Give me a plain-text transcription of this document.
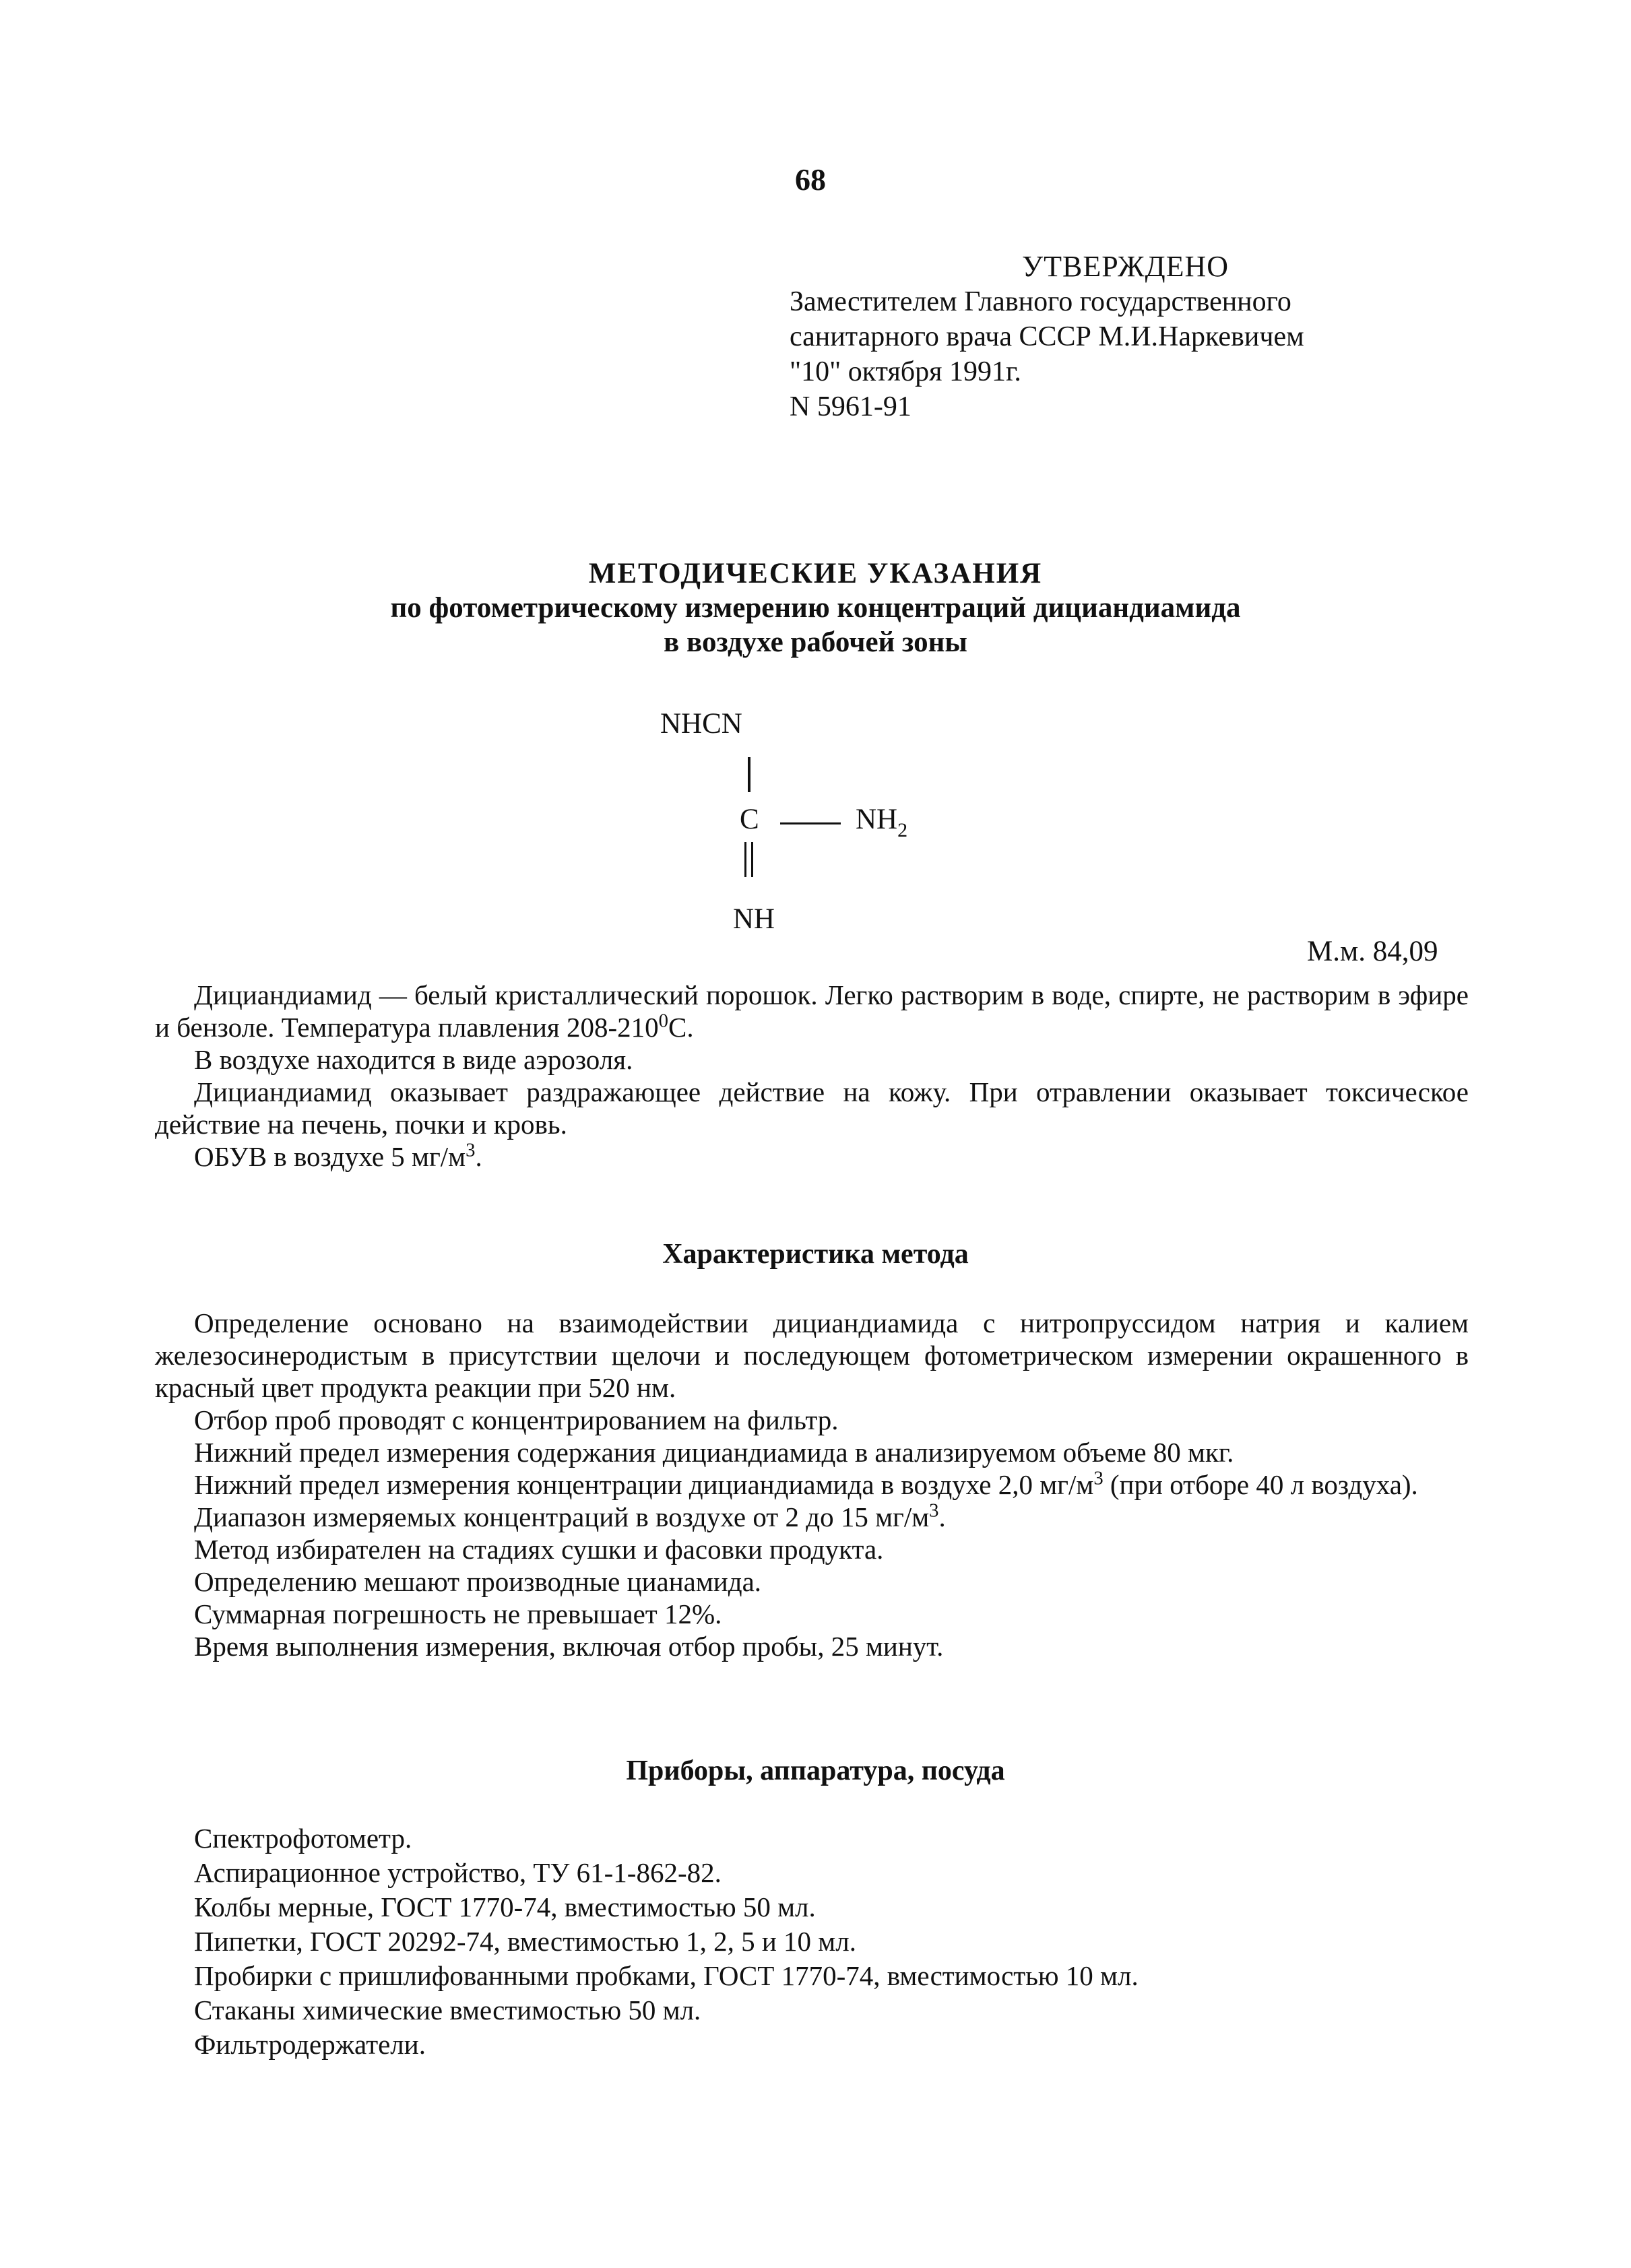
68
УТВЕРЖДЕНО
Заместителем Главного государственного
санитарного врача СССР М.И.Наркевичем
"10" октября 1991г.
N 5961-91
МЕТОДИЧЕСКИЕ УКАЗАНИЯ
по фотометрическому измерению концентраций дициандиамида
в воздухе рабочей зоны
NHCN
C	$NH_2$
NH
М.м. 84,09

Дициандиамид — белый кристаллический порошок. Легко растворим в воде, спирте, не растворим в эфире и бензоле. Температура плавления $208-210^0С$.

В воздухе находится в виде аэрозоля.

Дициандиамид оказывает раздражающее действие на кожу. При отравлении оказывает токсическое действие на печень, почки и кровь.

ОБУВ в воздухе 5 $мг/м^3$.

Характеристика метода

Определение основано на взаимодействии дициандиамида с нитропруссидом натрия и калием железосинеродистым в присутствии щелочи и последующем фотометрическом измерении окрашенного в красный цвет продукта реакции при 520 нм.

Отбор проб проводят с концентрированием на фильтр.

Нижний предел измерения содержания дициандиамида в анализируемом объеме 80 мкг.

Нижний предел измерения концентрации дициандиамида в воздухе 2,0 $мг/м^3$ (при отборе 40 л воздуха).

Диапазон измеряемых концентраций в воздухе от 2 до 15 $мг/м^3$.

Метод избирателен на стадиях сушки и фасовки продукта.

Определению мешают производные цианамида.

Суммарная погрешность не превышает 12%.

Время выполнения измерения, включая отбор пробы, 25 минут.

Приборы, аппаратура, посуда
Спектрофотометр.
Аспирационное устройство, ТУ 61-1-862-82.
Колбы мерные, ГОСТ 1770-74, вместимостью 50 мл.
Пипетки, ГОСТ 20292-74, вместимостью 1, 2, 5 и 10 мл.
Пробирки с пришлифованными пробками, ГОСТ 1770-74, вместимостью 10 мл.
Стаканы химические вместимостью 50 мл.
Фильтродержатели.
